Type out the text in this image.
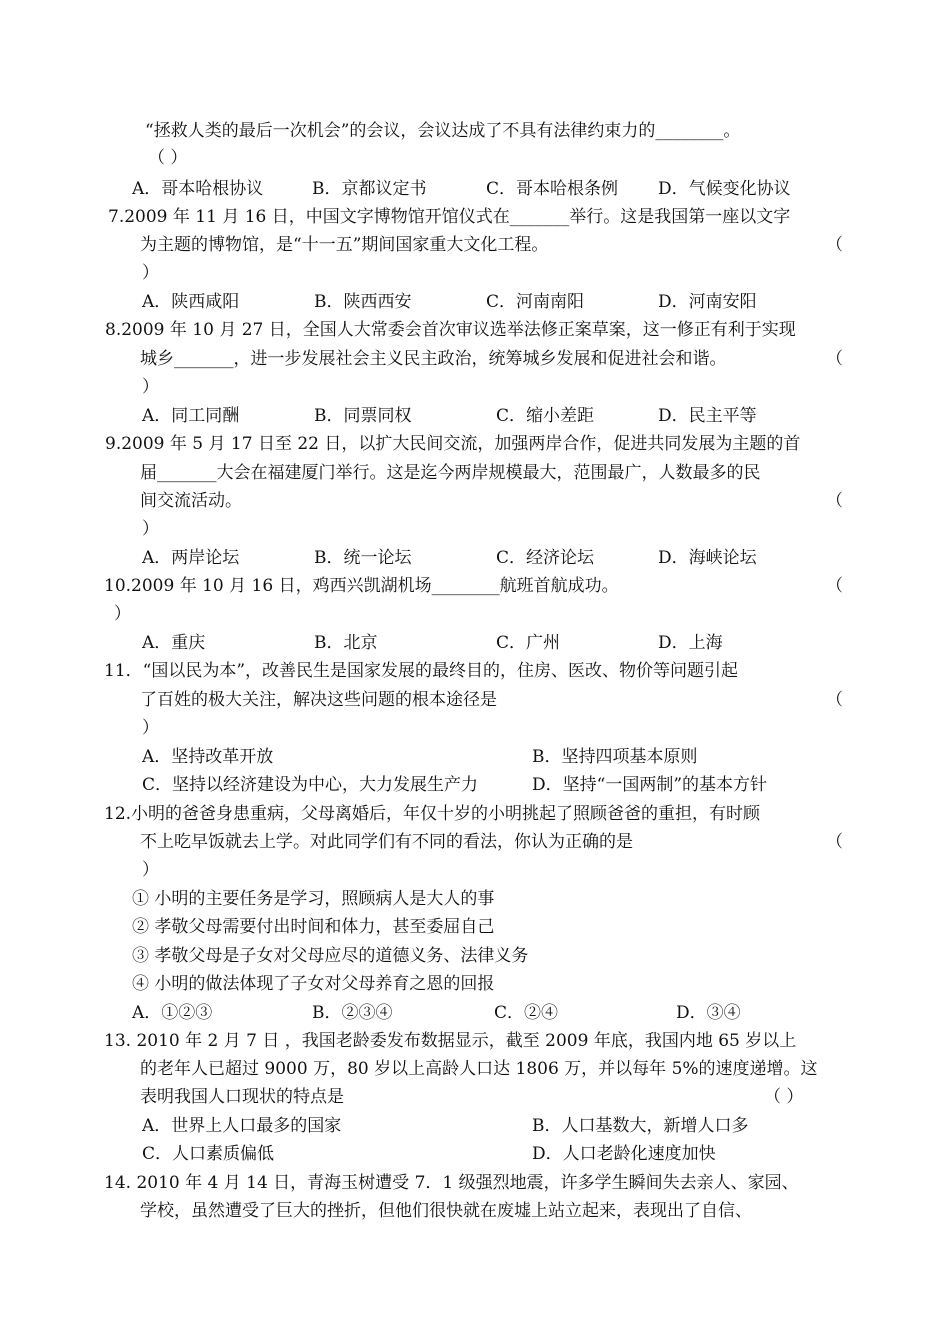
“拯救人类的最后一次机会”的会议，会议达成了不具有法律约束力的________。
（ ）
A．哥本哈根协议	B．京都议定书	C．哥本哈根条例 D．气候变化协议
7.2009 年 11 月 16 日，中国文字博物馆开馆仪式在_______举行。这是我国第一座以文字
为主题的博物馆，是“十一五”期间国家重大文化工程。	（
）
A．陕西咸阳	B．陕西西安	C．河南南阳	D．河南安阳
8.2009 年 10 月 27 日，全国人大常委会首次审议选举法修正案草案，这一修正有利于实现
城乡_______，进一步发展社会主义民主政治，统筹城乡发展和促进社会和谐。	（
）
A．同工同酬	B．同票同权	C．缩小差距	D．民主平等
9.2009 年 5 月 17 日至 22 日，以扩大民间交流，加强两岸合作，促进共同发展为主题的首
届_______大会在福建厦门举行。这是迄今两岸规模最大，范围最广，人数最多的民
间交流活动。	（
）
A．两岸论坛	B．统一论坛	C．经济论坛	D．海峡论坛
10.2009 年 10 月 16 日，鸡西兴凯湖机场________航班首航成功。	（
）
A．重庆	B．北京	C．广州	D．上海
11．“国以民为本”，改善民生是国家发展的最终目的，住房、医改、物价等问题引起
了百姓的极大关注，解决这些问题的根本途径是	（
）
A．坚持改革开放	B．坚持四项基本原则
C．坚持以经济建设为中心，大力发展生产力	D．坚持“一国两制”的基本方针
12.小明的爸爸身患重病，父母离婚后，年仅十岁的小明挑起了照顾爸爸的重担，有时顾
不上吃早饭就去上学。对此同学们有不同的看法，你认为正确的是	（
）
① 小明的主要任务是学习，照顾病人是大人的事
② 孝敬父母需要付出时间和体力，甚至委屈自己
③ 孝敬父母是子女对父母应尽的道德义务、法律义务
④ 小明的做法体现了子女对父母养育之恩的回报
A．①②③	B．②③④	C．②④	D．③④
13. 2010 年 2 月 7 日 ，我国老龄委发布数据显示，截至 2009 年底，我国内地 65 岁以上
的老年人已超过 9000 万，80 岁以上高龄人口达 1806 万，并以每年 5%的速度递增。这
表明我国人口现状的特点是	（ ）
A．世界上人口最多的国家	B．人口基数大，新增人口多
C．人口素质偏低	D．人口老龄化速度加快
14. 2010 年 4 月 14 日，青海玉树遭受 7．1 级强烈地震，许多学生瞬间失去亲人、家园、
学校，虽然遭受了巨大的挫折，但他们很快就在废墟上站立起来，表现出了自信、
